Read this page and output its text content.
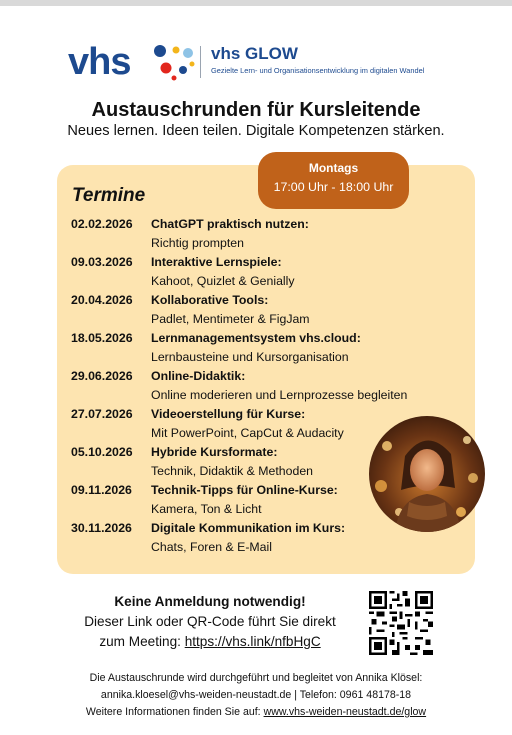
vhs	vhs GLOW
Gezielte Lern- und Organisationsentwicklung im digitalen Wandel
Austauschrunden für Kursleitende
Neues lernen. Ideen teilen. Digitale Kompetenzen stärken.
Montags
17:00 Uhr - 18:00 Uhr
Termine
02.02.2026 ChatGPT praktisch nutzen:
Richtig prompten
09.03.2026 Interaktive Lernspiele:
Kahoot, Quizlet & Genially
20.04.2026 Kollaborative Tools:
Padlet, Mentimeter & FigJam
18.05.2026 Lernmanagementsystem vhs.cloud:
Lernbausteine und Kursorganisation
29.06.2026 Online-Didaktik:
Online moderieren und Lernprozesse begleiten
27.07.2026 Videoerstellung für Kurse:
Mit PowerPoint, CapCut & Audacity
05.10.2026 Hybride Kursformate:
Technik, Didaktik & Methoden
09.11.2026 Technik-Tipps für Online-Kurse:
Kamera, Ton & Licht
30.11.2026 Digitale Kommunikation im Kurs:
Chats, Foren & E-Mail
Keine Anmeldung notwendig!
Dieser Link oder QR-Code führt Sie direkt
zum Meeting: https://vhs.link/nfbHgC
Die Austauschrunde wird durchgeführt und begleitet von Annika Klösel:
annika.kloesel@vhs-weiden-neustadt.de | Telefon: 0961 48178-18
Weitere Informationen finden Sie auf: www.vhs-weiden-neustadt.de/glow
